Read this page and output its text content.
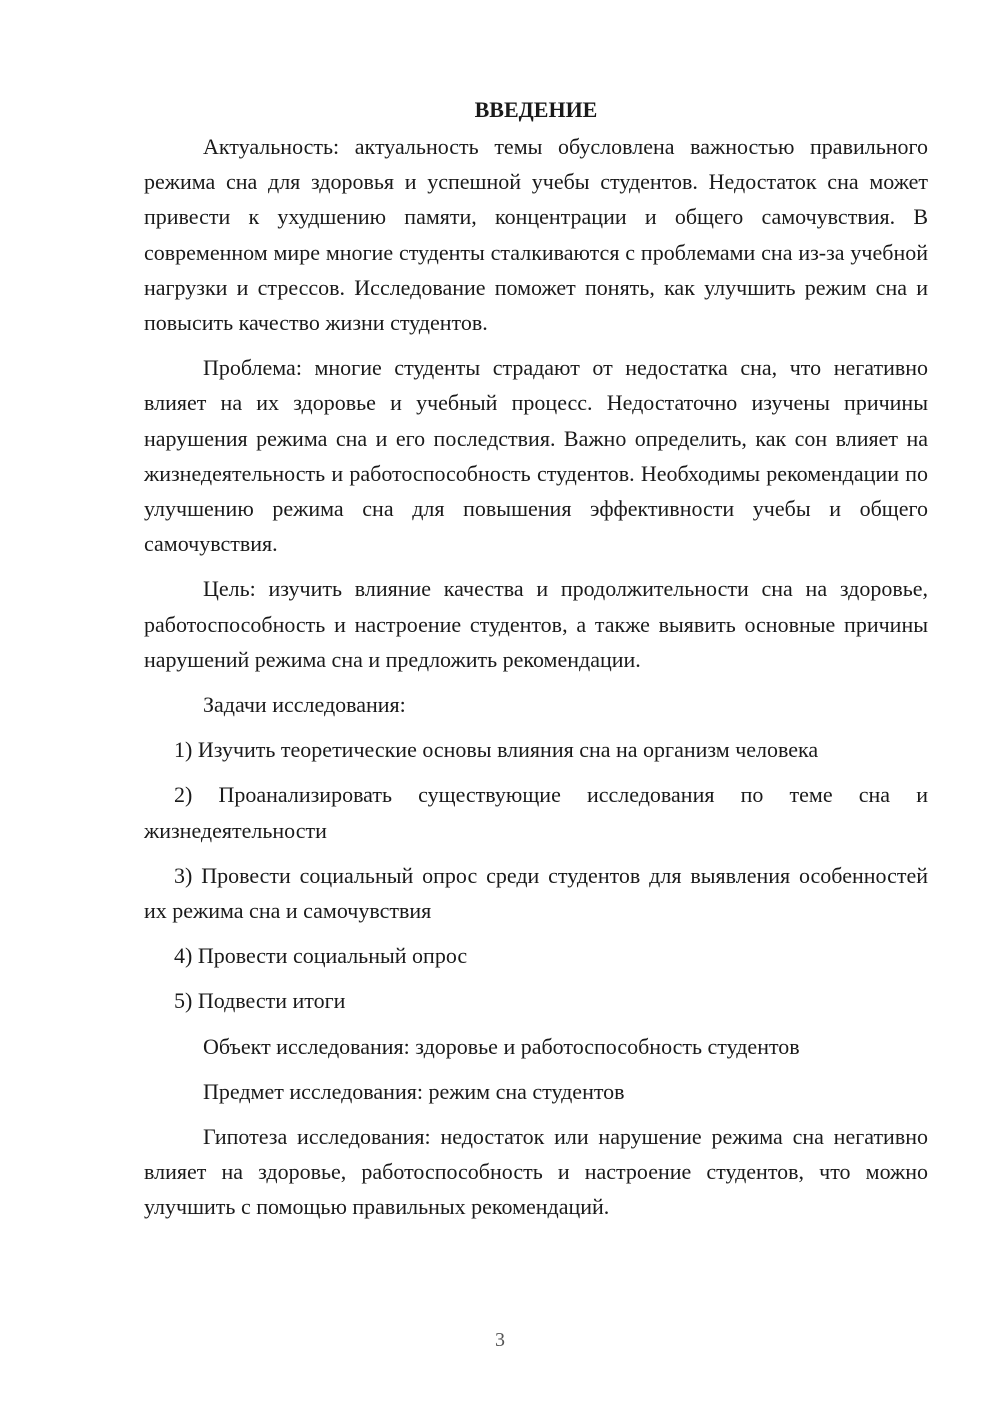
ВВЕДЕНИЕ

Актуальность: актуальность темы обусловлена важностью правильного режима сна для здоровья и успешной учебы студентов. Недостаток сна может привести к ухудшению памяти, концентрации и общего самочувствия. В современном мире многие студенты сталкиваются с проблемами сна из-за учебной нагрузки и стрессов. Исследование поможет понять, как улучшить режим сна и повысить качество жизни студентов.

Проблема: многие студенты страдают от недостатка сна, что негативно влияет на их здоровье и учебный процесс. Недостаточно изучены причины нарушения режима сна и его последствия. Важно определить, как сон влияет на жизнедеятельность и работоспособность студентов. Необходимы рекомендации по улучшению режима сна для повышения эффективности учебы и общего самочувствия.

Цель: изучить влияние качества и продолжительности сна на здоровье, работоспособность и настроение студентов, а также выявить основные причины нарушений режима сна и предложить рекомендации.

Задачи исследования:

1) Изучить теоретические основы влияния сна на организм человека

2) Проанализировать существующие исследования по теме сна и жизнедеятельности

3) Провести социальный опрос среди студентов для выявления особенностей их режима сна и самочувствия

4) Провести социальный опрос

5) Подвести итоги

Объект исследования: здоровье и работоспособность студентов

Предмет исследования: режим сна студентов

Гипотеза исследования: недостаток или нарушение режима сна негативно влияет на здоровье, работоспособность и настроение студентов, что можно улучшить с помощью правильных рекомендаций.

3
